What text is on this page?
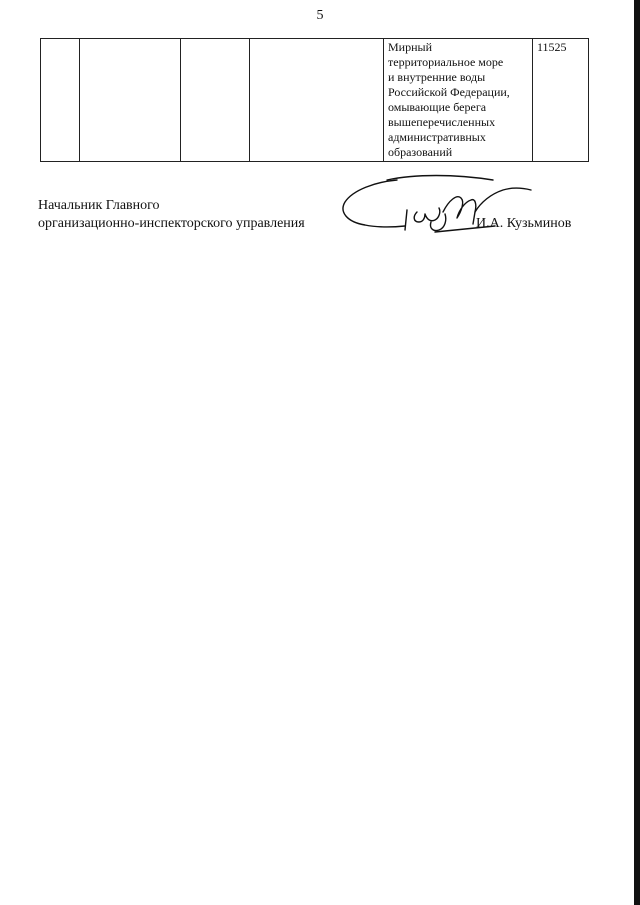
5

Мирный
территориальное море
и внутренние воды
Российской Федерации,
омывающие берега
вышеперечисленных
административных
образований
	11525
Начальник Главного
организационно-инспекторского управления	И.А. Кузьминов
